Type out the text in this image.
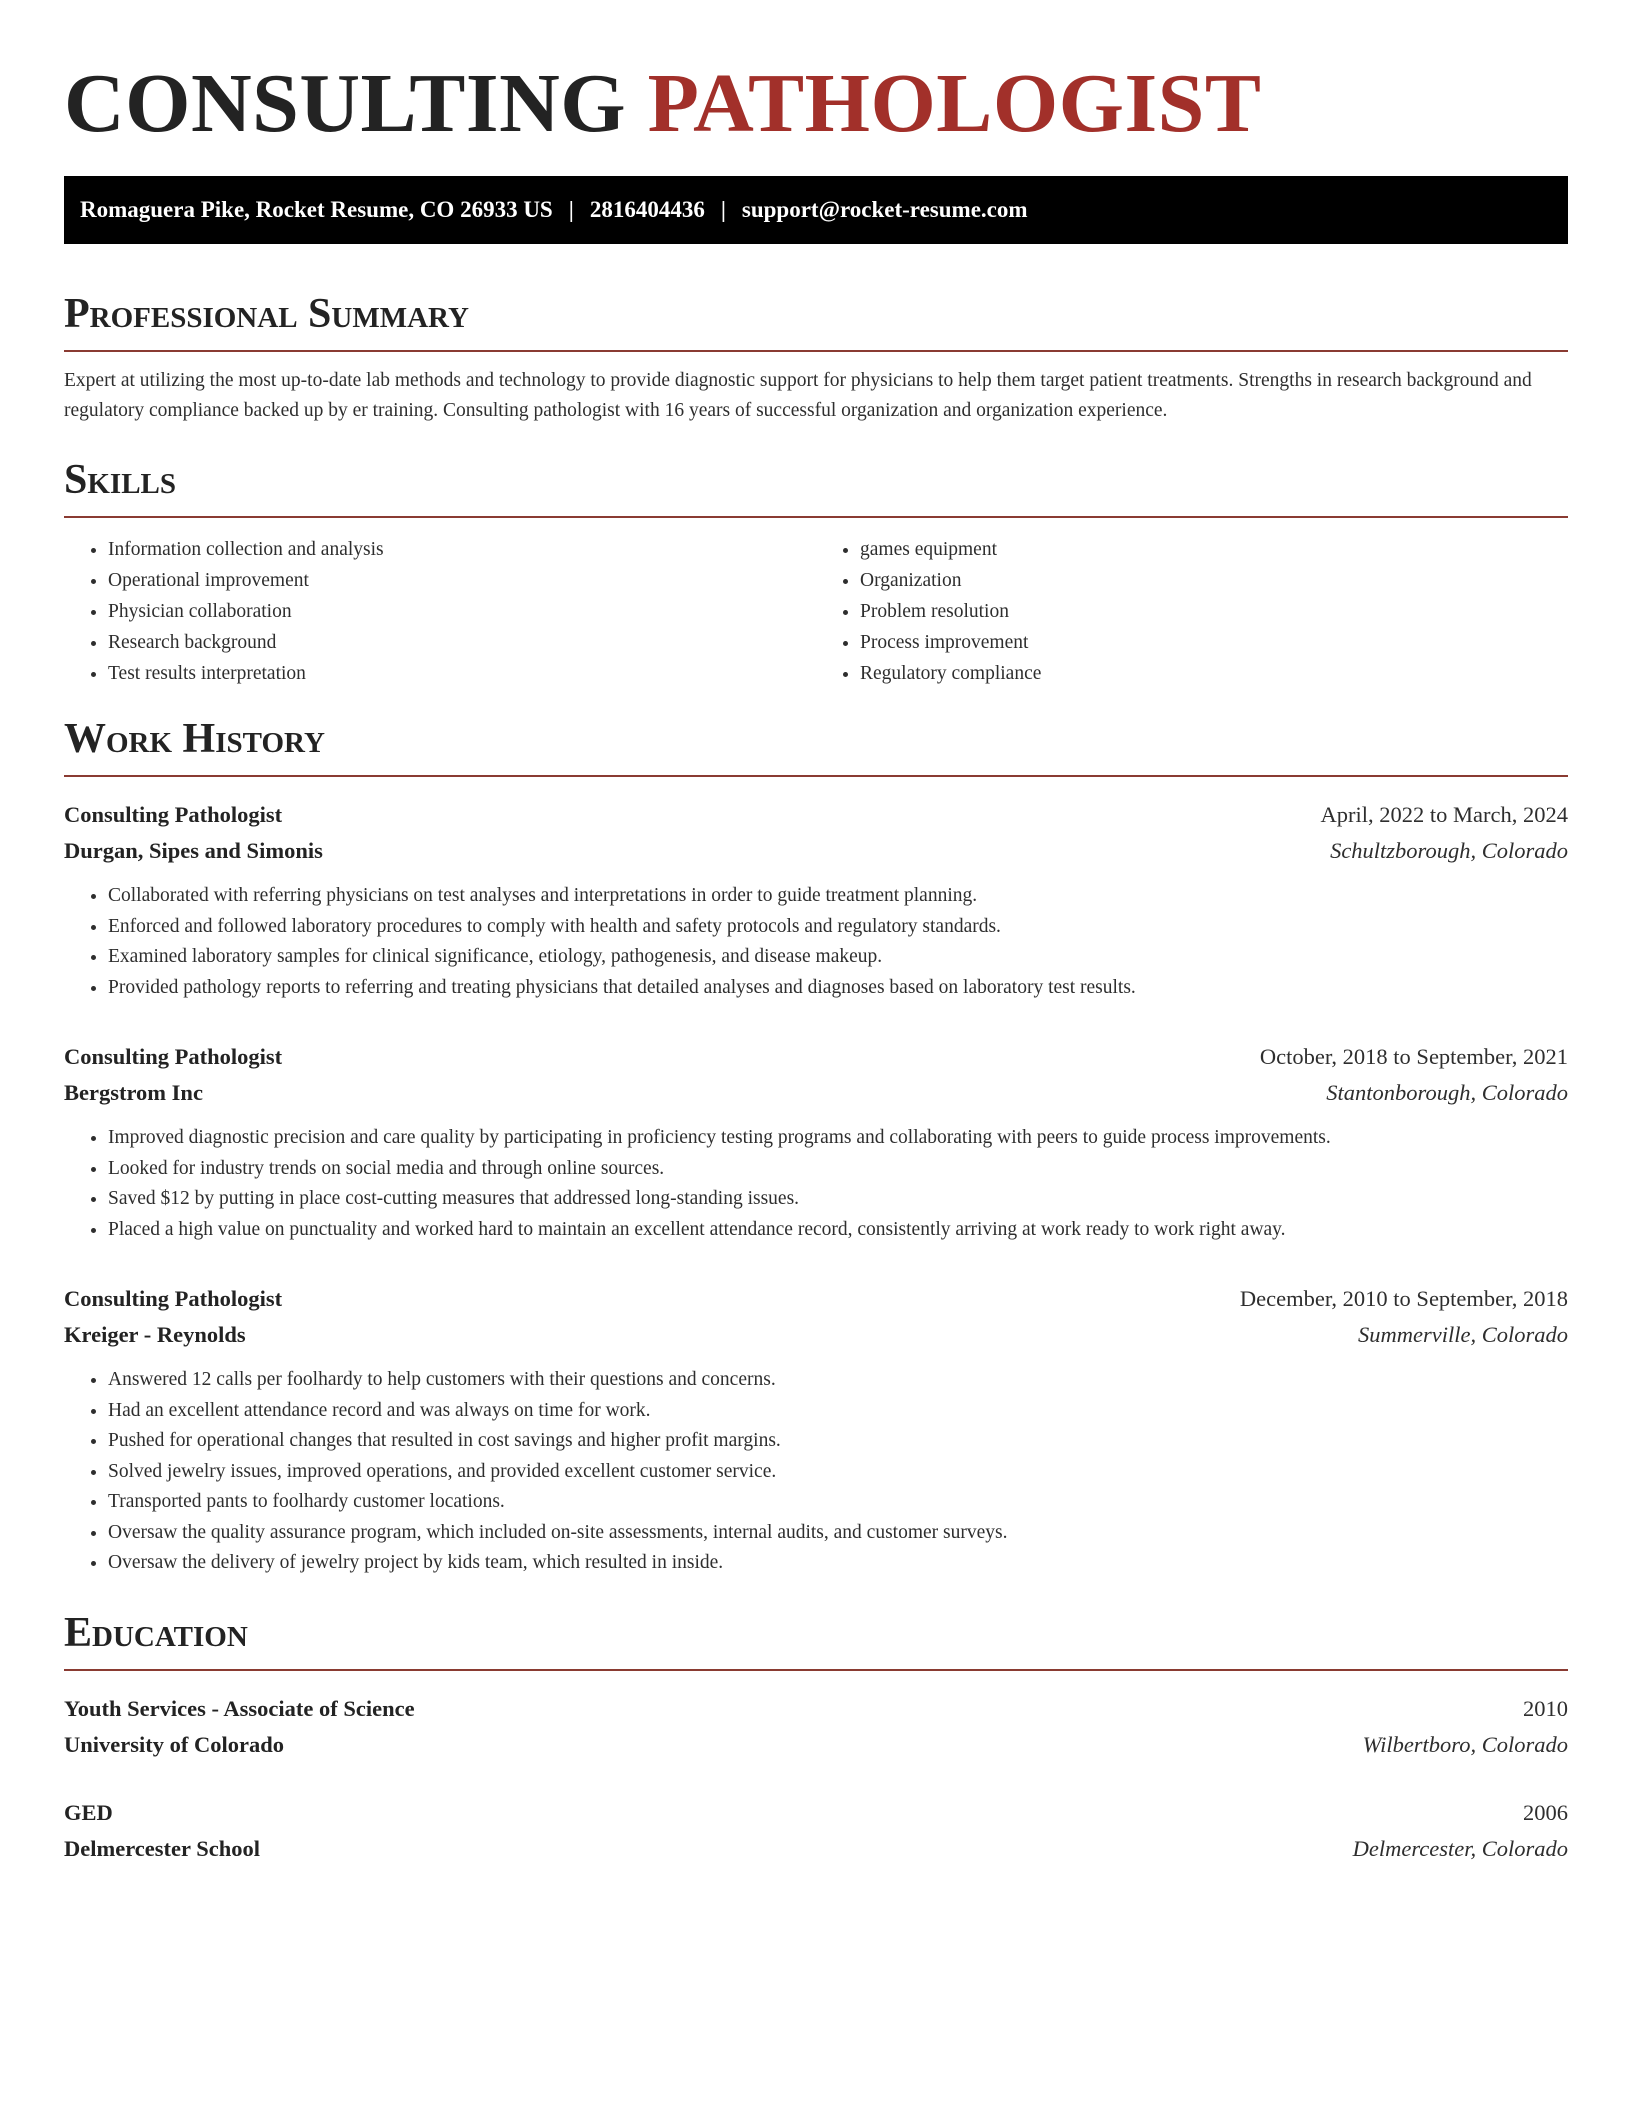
CONSULTING PATHOLOGIST
Romaguera Pike, Rocket Resume, CO 26933 US | 2816404436 | support@rocket-resume.com
Professional Summary

Expert at utilizing the most up-to-date lab methods and technology to provide diagnostic support for physicians to help them target patient treatments. Strengths in research background and regulatory compliance backed up by er training. Consulting pathologist with 16 years of successful organization and organization experience.

Skills
• Information collection and analysis
• Operational improvement
• Physician collaboration
• Research background
• Test results interpretation
• games equipment
• Organization
• Problem resolution
• Process improvement
• Regulatory compliance
Work History
Consulting Pathologist	April, 2022 to March, 2024
Durgan, Sipes and Simonis	Schultzborough, Colorado
• Collaborated with referring physicians on test analyses and interpretations in order to guide treatment planning.
• Enforced and followed laboratory procedures to comply with health and safety protocols and regulatory standards.
• Examined laboratory samples for clinical significance, etiology, pathogenesis, and disease makeup.
• Provided pathology reports to referring and treating physicians that detailed analyses and diagnoses based on laboratory test results.
Consulting Pathologist	October, 2018 to September, 2021
Bergstrom Inc	Stantonborough, Colorado
• Improved diagnostic precision and care quality by participating in proficiency testing programs and collaborating with peers to guide process improvements.
• Looked for industry trends on social media and through online sources.
• Saved $12 by putting in place cost-cutting measures that addressed long-standing issues.
• Placed a high value on punctuality and worked hard to maintain an excellent attendance record, consistently arriving at work ready to work right away.
Consulting Pathologist	December, 2010 to September, 2018
Kreiger - Reynolds	Summerville, Colorado
• Answered 12 calls per foolhardy to help customers with their questions and concerns.
• Had an excellent attendance record and was always on time for work.
• Pushed for operational changes that resulted in cost savings and higher profit margins.
• Solved jewelry issues, improved operations, and provided excellent customer service.
• Transported pants to foolhardy customer locations.
• Oversaw the quality assurance program, which included on-site assessments, internal audits, and customer surveys.
• Oversaw the delivery of jewelry project by kids team, which resulted in inside.
Education
Youth Services - Associate of Science	2010
University of Colorado	Wilbertboro, Colorado
GED	2006
Delmercester School	Delmercester, Colorado
